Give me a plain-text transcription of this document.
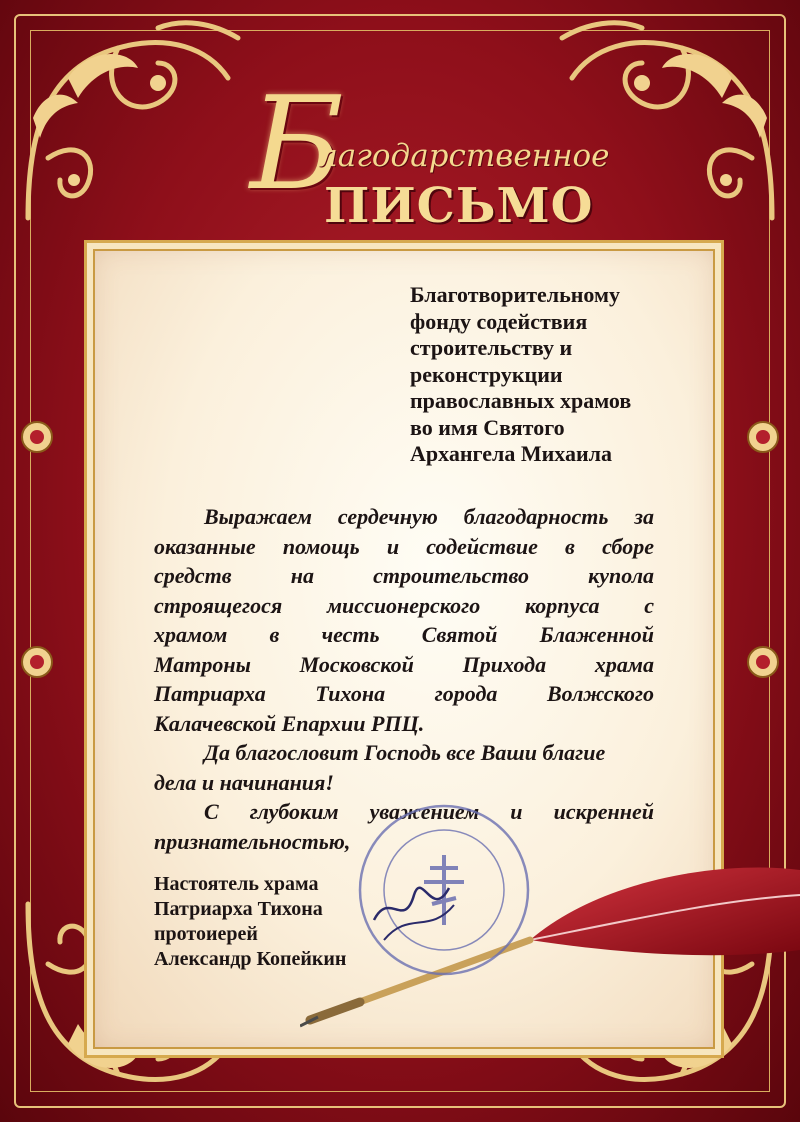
Б
лагодарственное
ПИСЬМО
Благотворительному
фонду содействия
строительству и
реконструкции
православных храмов
во имя Святого
Архангела Михаила
Выражаем сердечную благодарность за
оказанные помощь и содействие в сборе
средств на строительство купола
строящегося миссионерского корпуса с
храмом в честь Святой Блаженной
Матроны Московской Прихода храма
Патриарха Тихона города Волжского
Калачевской Епархии РПЦ.
Да благословит Господь все Ваши благие
дела и начинания!
С глубоким уважением и искренней
признательностью,
Настоятель храма
Патриарха Тихона
протоиерей
Александр Копейкин
